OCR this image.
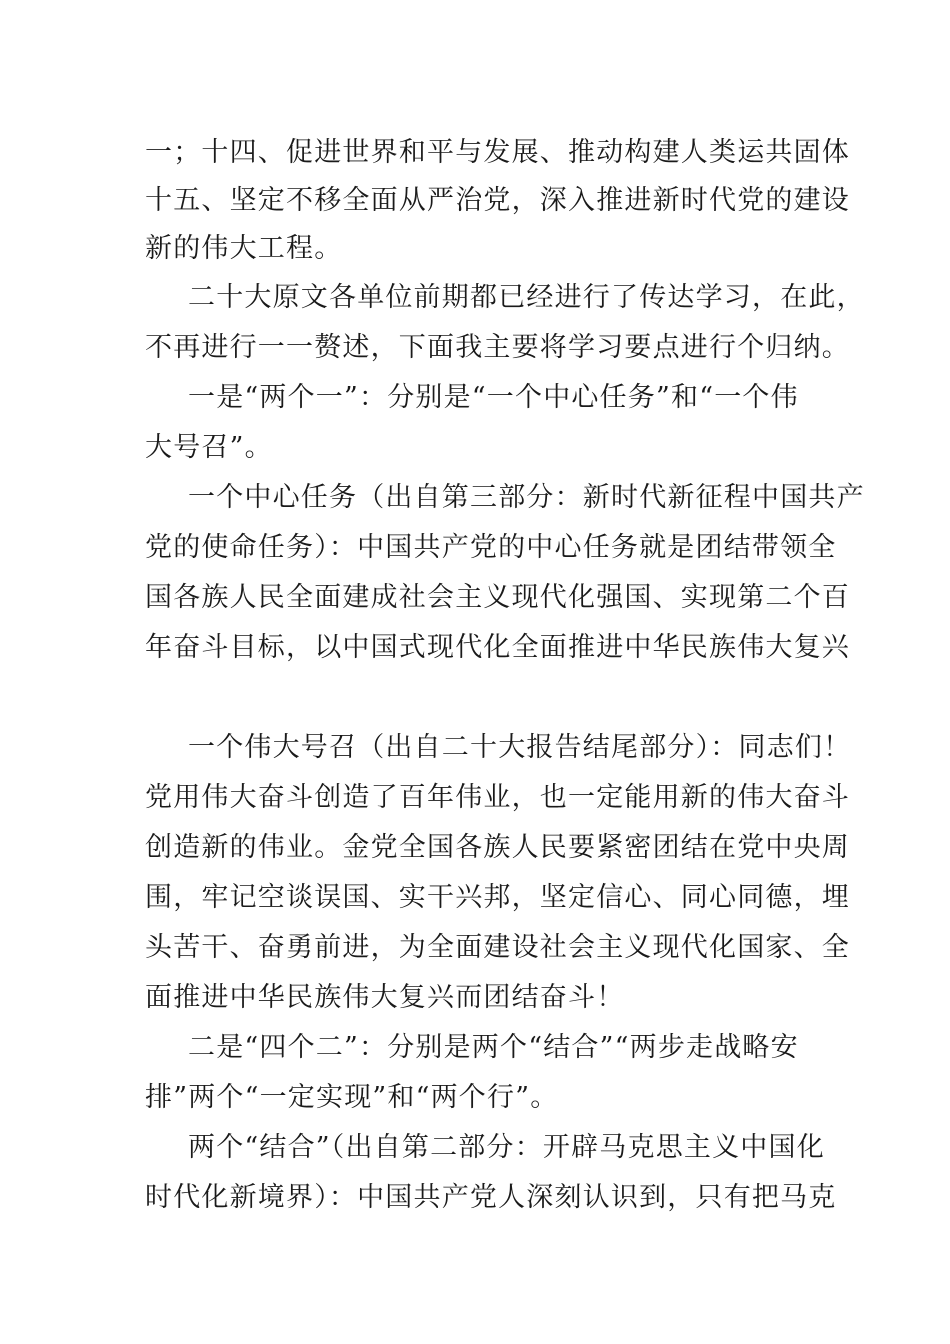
一；十四、促进世界和平与发展、推动构建人类运共固体
十五、坚定不移全面从严治党，深入推进新时代党的建设
新的伟大工程。
二十大原文各单位前期都已经进行了传达学习，在此，
不再进行一一赘述，下面我主要将学习要点进行个归纳。
一是“两个一”：分别是“一个中心任务”和“一个伟
大号召”。
一个中心任务（出自第三部分：新时代新征程中国共产
党的使命任务）：中国共产党的中心任务就是团结带领全
国各族人民全面建成社会主义现代化强国、实现第二个百
年奋斗目标，以中国式现代化全面推进中华民族伟大复兴
一个伟大号召（出自二十大报告结尾部分）：同志们！
党用伟大奋斗创造了百年伟业，也一定能用新的伟大奋斗
创造新的伟业。金党全国各族人民要紧密团结在党中央周
围，牢记空谈误国、实干兴邦，坚定信心、同心同德，埋
头苦干、奋勇前进，为全面建设社会主义现代化国家、全
面推进中华民族伟大复兴而团结奋斗！
二是“四个二”：分别是两个“结合”“两步走战略安
排”两个“一定实现”和“两个行”。
两个“结合”（出自第二部分：开辟马克思主义中国化
时代化新境界）：中国共产党人深刻认识到，只有把马克
